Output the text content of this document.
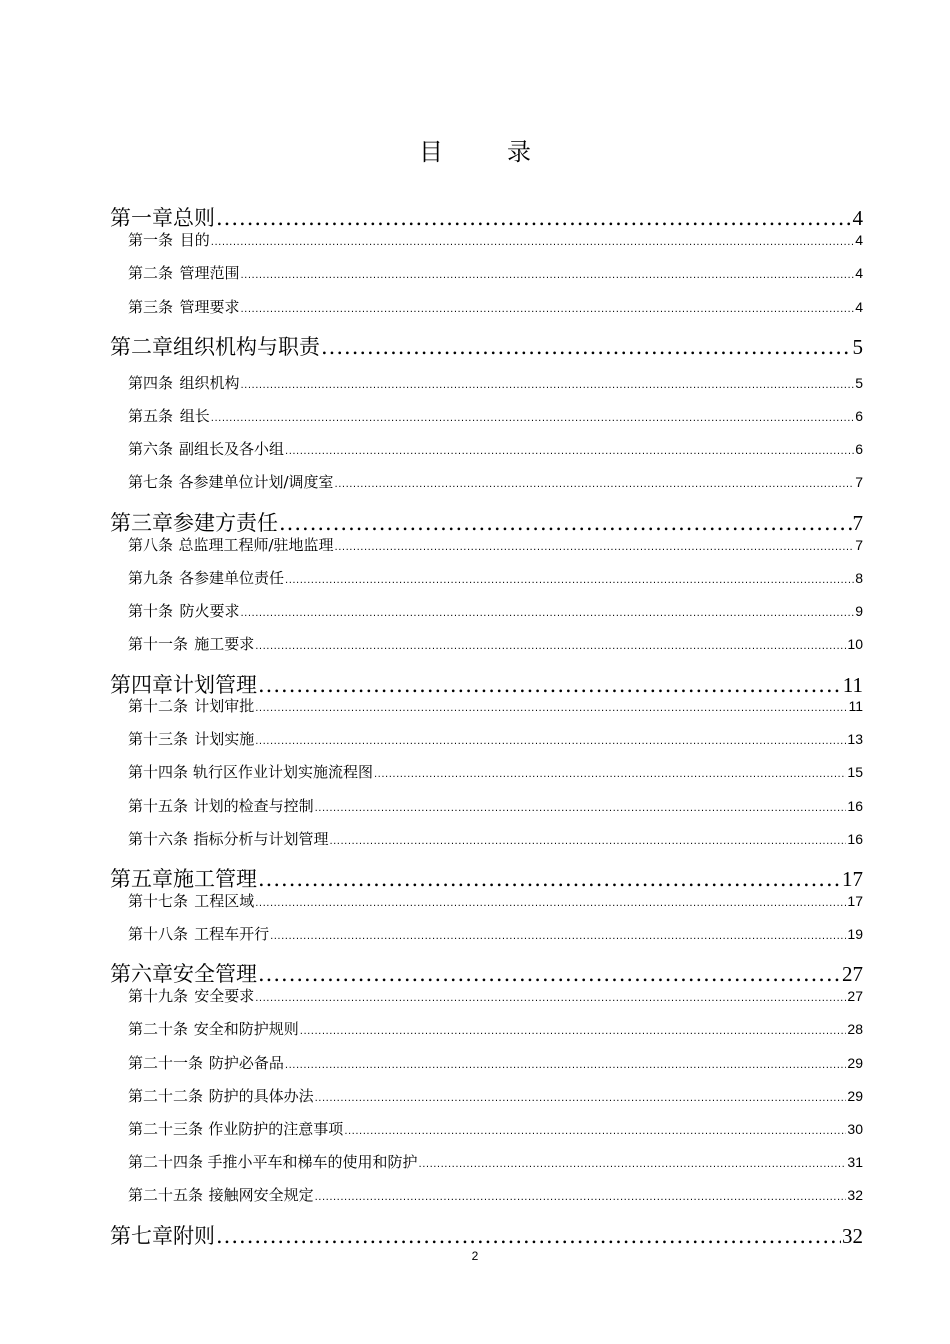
目　录
第一章 总则 .....	4
第一条 目的 .....	4
第二条 管理范围 .....	4
第三条 管理要求 .....	4
第二章 组织机构与职责 .....	5
第四条 组织机构 .....	5
第五条 组长 .....	6
第六条 副组长及各小组 .....	6
第七条 各参建单位计划/调度室 .....	7
第三章 参建方责任 .....	7
第八条 总监理工程师/驻地监理 .....	7
第九条 各参建单位责任 .....	8
第十条 防火要求 .....	9
第十一条 施工要求 .....	10
第四章 计划管理 .....	11
第十二条 计划审批 .....	11
第十三条 计划实施 .....	13
第十四条 轨行区作业计划实施流程图 .....	15
第十五条 计划的检查与控制 .....	16
第十六条 指标分析与计划管理 .....	16
第五章 施工管理 .....	17
第十七条 工程区域 .....	17
第十八条 工程车开行 .....	19
第六章 安全管理 .....	27
第十九条 安全要求 .....	27
第二十条 安全和防护规则 .....	28
第二十一条 防护必备品 .....	29
第二十二条 防护的具体办法 .....	29
第二十三条 作业防护的注意事项 .....	30
第二十四条 手推小平车和梯车的使用和防护 .....	31
第二十五条 接触网安全规定 .....	32
第七章 附则 .....	32
2
